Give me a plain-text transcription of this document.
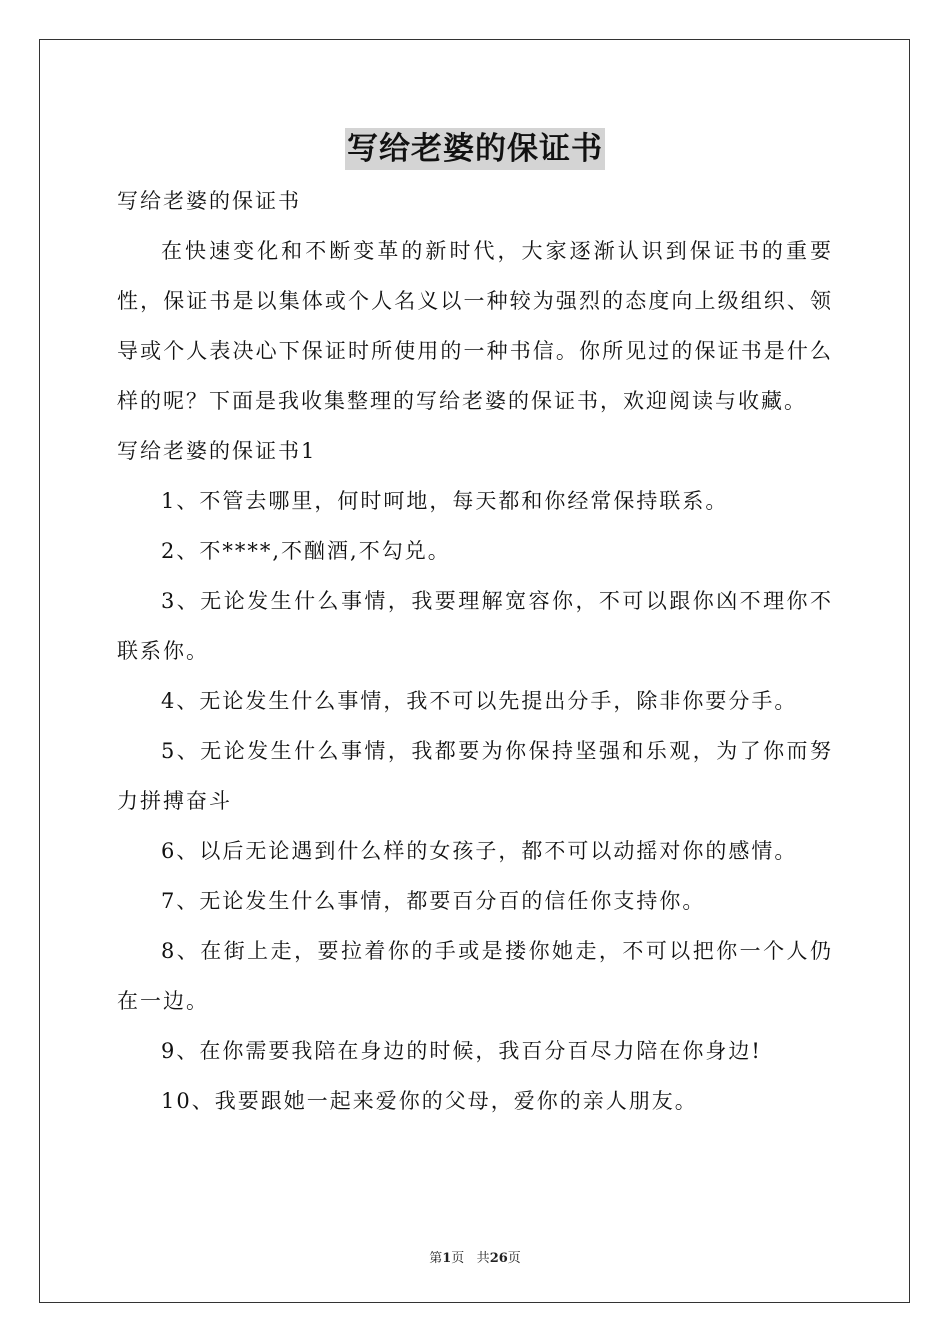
写给老婆的保证书

写给老婆的保证书

在快速变化和不断变革的新时代，大家逐渐认识到保证书的重要性，保证书是以集体或个人名义以一种较为强烈的态度向上级组织、领导或个人表决心下保证时所使用的一种书信。你所见过的保证书是什么样的呢？下面是我收集整理的写给老婆的保证书，欢迎阅读与收藏。

写给老婆的保证书1

1、不管去哪里，何时呵地，每天都和你经常保持联系。

2、不****,不酗酒,不勾兑。

3、无论发生什么事情，我要理解宽容你，不可以跟你凶不理你不联系你。

4、无论发生什么事情，我不可以先提出分手，除非你要分手。

5、无论发生什么事情，我都要为你保持坚强和乐观，为了你而努力拼搏奋斗

6、以后无论遇到什么样的女孩子，都不可以动摇对你的感情。

7、无论发生什么事情，都要百分百的信任你支持你。

8、在街上走，要拉着你的手或是搂你她走，不可以把你一个人仍在一边。

9、在你需要我陪在身边的时候，我百分百尽力陪在你身边!

10、我要跟她一起来爱你的父母，爱你的亲人朋友。

第1页 共26页
